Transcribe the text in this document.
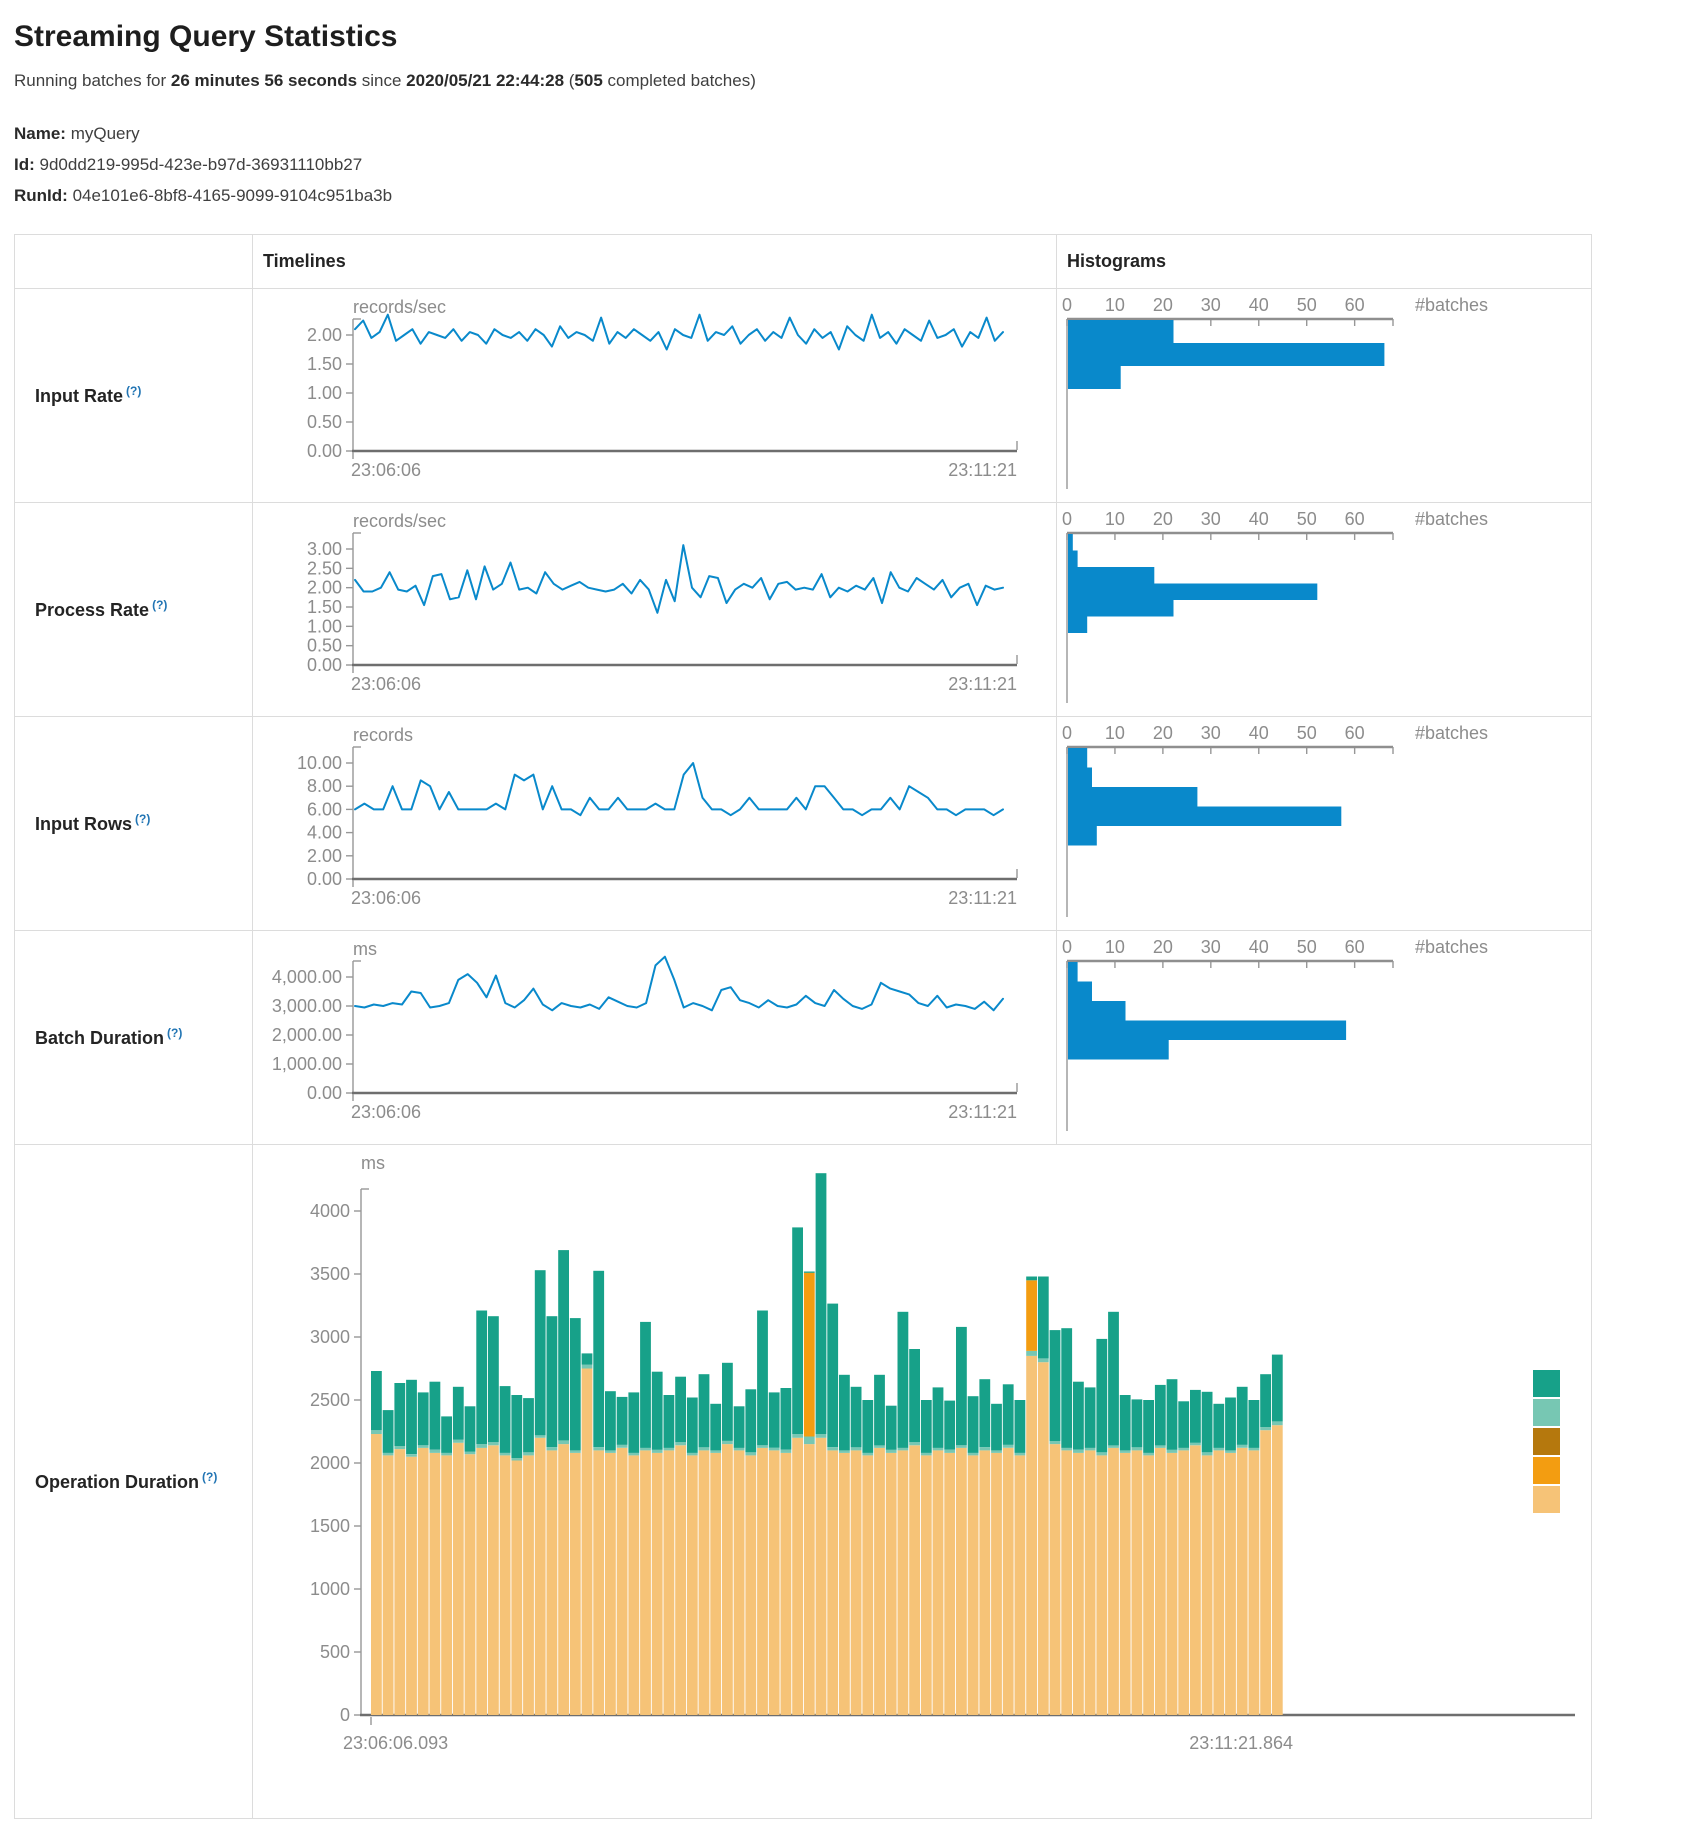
Streaming Query Statistics

Running batches for 26 minutes 56 seconds since 2020/05/21 22:44:28 (505 completed batches)

Name: myQuery

Id: 9d0dd219-995d-423e-b97d-36931110bb27

RunId: 04e101e6-8bf8-4165-9099-9104c951ba3b

	Timelines	Histograms
Input Rate (?)	
records/sec
2.00
1.50
1.00
0.50
0.00
23:06:06	23:11:21

0 10 20 30 40 50 60	#batches

Process Rate (?)	
records/sec
3.00
2.50
2.00
1.50
1.00
0.50
0.00
23:06:06	23:11:21

0 10 20 30 40 50 60	#batches

Input Rows (?)	
records
10.00
8.00
6.00
4.00
2.00
0.00
23:06:06	23:11:21

0 10 20 30 40 50 60	#batches

Batch Duration (?)	
ms
4,000.00
3,000.00
2,000.00
1,000.00
0.00
23:06:06	23:11:21

0 10 20 30 40 50 60	#batches

Operation Duration (?)	
ms
4000
3500
3000
2500
2000
1500
1000
500
0
23:06:06.093	23:11:21.864
